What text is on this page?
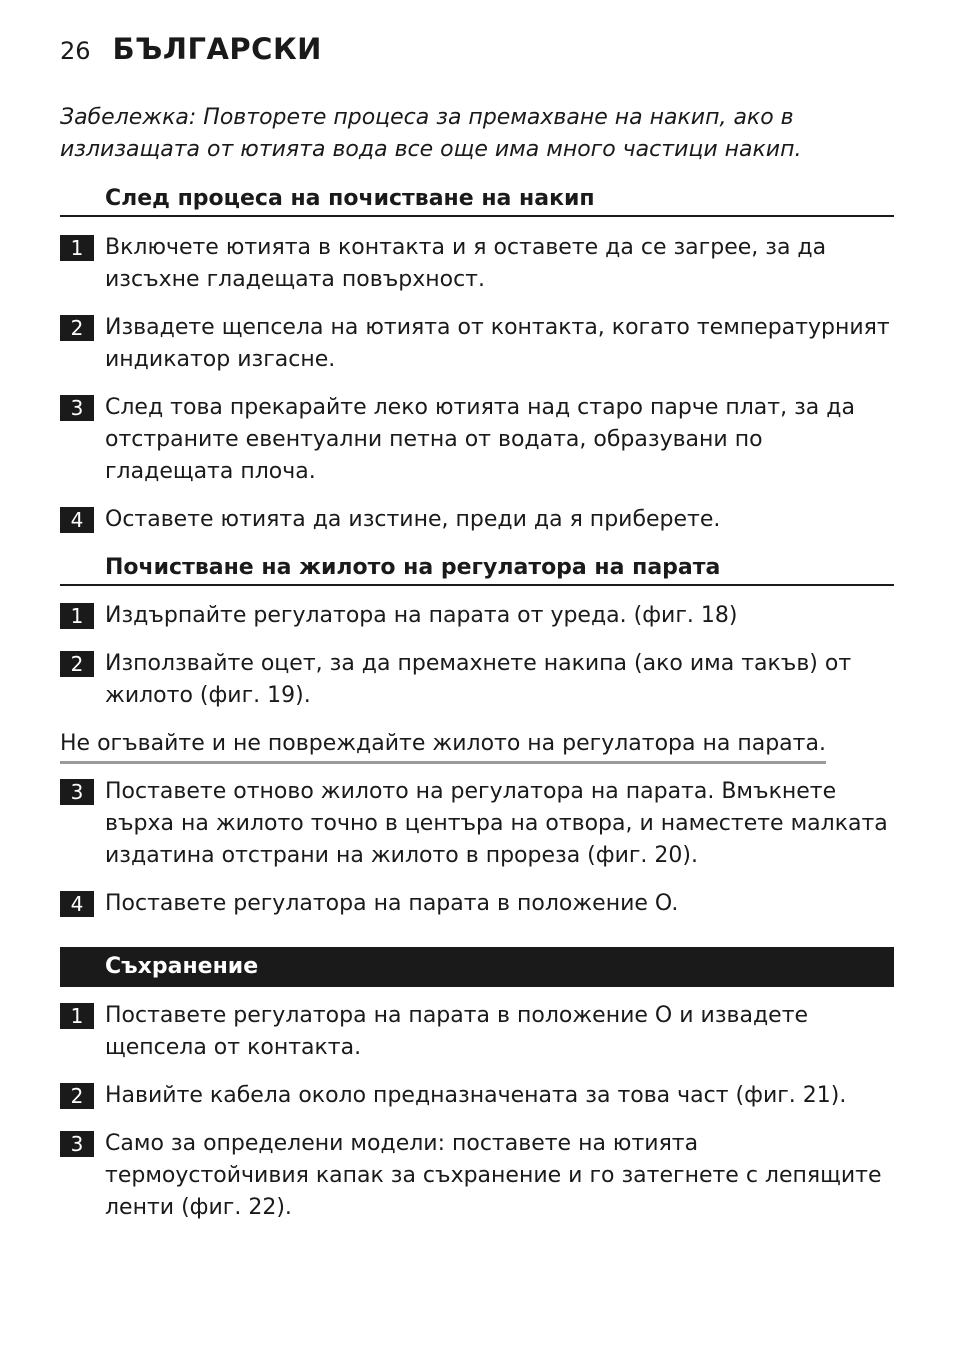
26 БЪЛГАРСКИ
Забележка: Повторете процеса за премахване на накип, ако в излизащата от ютията вода все още има много частици накип.
След процеса на почистване на накип
1 Включете ютията в контакта и я оставете да се загрее, за да изсъхне гладещата повърхност.
2 Извадете щепсела на ютията от контакта, когато температурният индикатор изгасне.
3 След това прекарайте леко ютията над старо парче плат, за да отстраните евентуални петна от водата, образувани по гладещата плоча.
4 Оставете ютията да изстине, преди да я приберете.
Почистване на жилото на регулатора на парата
1 Издърпайте регулатора на парата от уреда. (фиг. 18)
2 Използвайте оцет, за да премахнете накипа (ако има такъв) от жилото (фиг. 19).
Не огъвайте и не повреждайте жилото на регулатора на парата.
3 Поставете отново жилото на регулатора на парата. Вмъкнете върха на жилото точно в центъра на отвора, и наместете малката издатина отстрани на жилото в прореза (фиг. 20).
4 Поставете регулатора на парата в положение O.
Съхранение
1 Поставете регулатора на парата в положение O и извадете щепсела от контакта.
2 Навийте кабела около предназначената за това част (фиг. 21).
3 Само за определени модели: поставете на ютията термоустойчивия капак за съхранение и го затегнете с лепящите ленти (фиг. 22).
